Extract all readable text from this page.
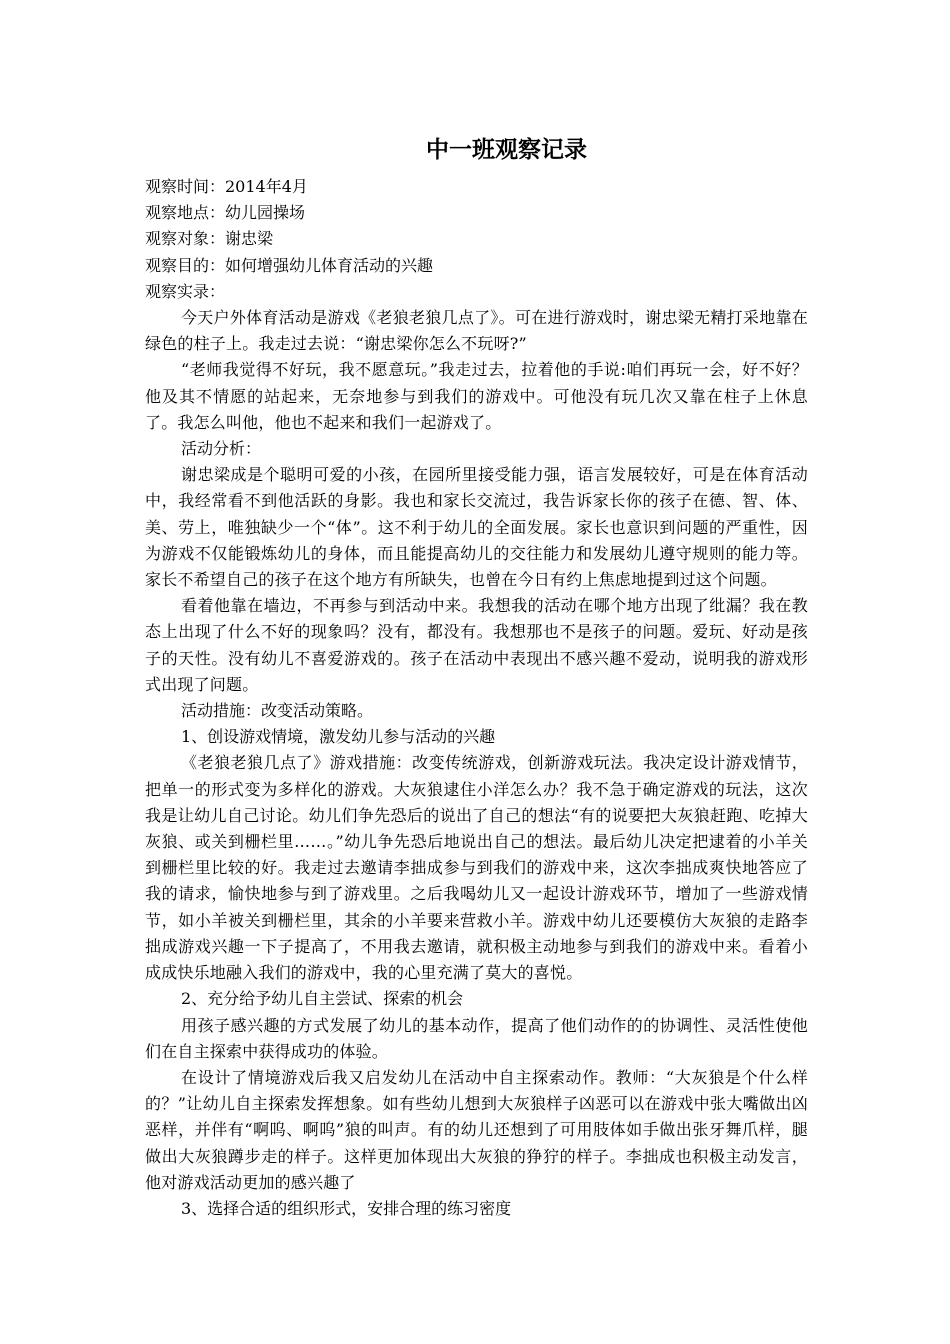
中一班观察记录

观察时间：2014年4月

观察地点：幼儿园操场

观察对象：谢忠梁

观察目的：如何增强幼儿体育活动的兴趣

观察实录：

今天户外体育活动是游戏《老狼老狼几点了》。可在进行游戏时，谢忠梁无精打采地靠在绿色的柱子上。我走过去说：“谢忠梁你怎么不玩呀?”

“老师我觉得不好玩，我不愿意玩。”我走过去，拉着他的手说:咱们再玩一会，好不好？他及其不情愿的站起来，无奈地参与到我们的游戏中。可他没有玩几次又靠在柱子上休息了。我怎么叫他，他也不起来和我们一起游戏了。

活动分析：

谢忠梁成是个聪明可爱的小孩，在园所里接受能力强，语言发展较好，可是在体育活动中，我经常看不到他活跃的身影。我也和家长交流过，我告诉家长你的孩子在德、智、体、美、劳上，唯独缺少一个“体”。这不利于幼儿的全面发展。家长也意识到问题的严重性，因为游戏不仅能锻炼幼儿的身体，而且能提高幼儿的交往能力和发展幼儿遵守规则的能力等。家长不希望自己的孩子在这个地方有所缺失，也曾在今日有约上焦虑地提到过这个问题。

看着他靠在墙边，不再参与到活动中来。我想我的活动在哪个地方出现了纰漏？我在教态上出现了什么不好的现象吗？没有，都没有。我想那也不是孩子的问题。爱玩、好动是孩子的天性。没有幼儿不喜爱游戏的。孩子在活动中表现出不感兴趣不爱动，说明我的游戏形式出现了问题。

活动措施：改变活动策略。

1、创设游戏情境，激发幼儿参与活动的兴趣

《老狼老狼几点了》游戏措施：改变传统游戏，创新游戏玩法。我决定设计游戏情节，把单一的形式变为多样化的游戏。大灰狼逮住小洋怎么办？我不急于确定游戏的玩法，这次我是让幼儿自己讨论。幼儿们争先恐后的说出了自己的想法“有的说要把大灰狼赶跑、吃掉大灰狼、或关到栅栏里……。”幼儿争先恐后地说出自己的想法。最后幼儿决定把逮着的小羊关到栅栏里比较的好。我走过去邀请李拙成参与到我们的游戏中来，这次李拙成爽快地答应了我的请求，愉快地参与到了游戏里。之后我喝幼儿又一起设计游戏环节，增加了一些游戏情节，如小羊被关到栅栏里，其余的小羊要来营救小羊。游戏中幼儿还要模仿大灰狼的走路李拙成游戏兴趣一下子提高了，不用我去邀请，就积极主动地参与到我们的游戏中来。看着小成成快乐地融入我们的游戏中，我的心里充满了莫大的喜悦。

2、充分给予幼儿自主尝试、探索的机会

用孩子感兴趣的方式发展了幼儿的基本动作，提高了他们动作的的协调性、灵活性使他们在自主探索中获得成功的体验。

在设计了情境游戏后我又启发幼儿在活动中自主探索动作。教师：“大灰狼是个什么样的？”让幼儿自主探索发挥想象。如有些幼儿想到大灰狼样子凶恶可以在游戏中张大嘴做出凶恶样，并伴有“啊呜、啊呜”狼的叫声。有的幼儿还想到了可用肢体如手做出张牙舞爪样，腿做出大灰狼蹲步走的样子。这样更加体现出大灰狼的狰狞的样子。李拙成也积极主动发言，他对游戏活动更加的感兴趣了

3、选择合适的组织形式，安排合理的练习密度
